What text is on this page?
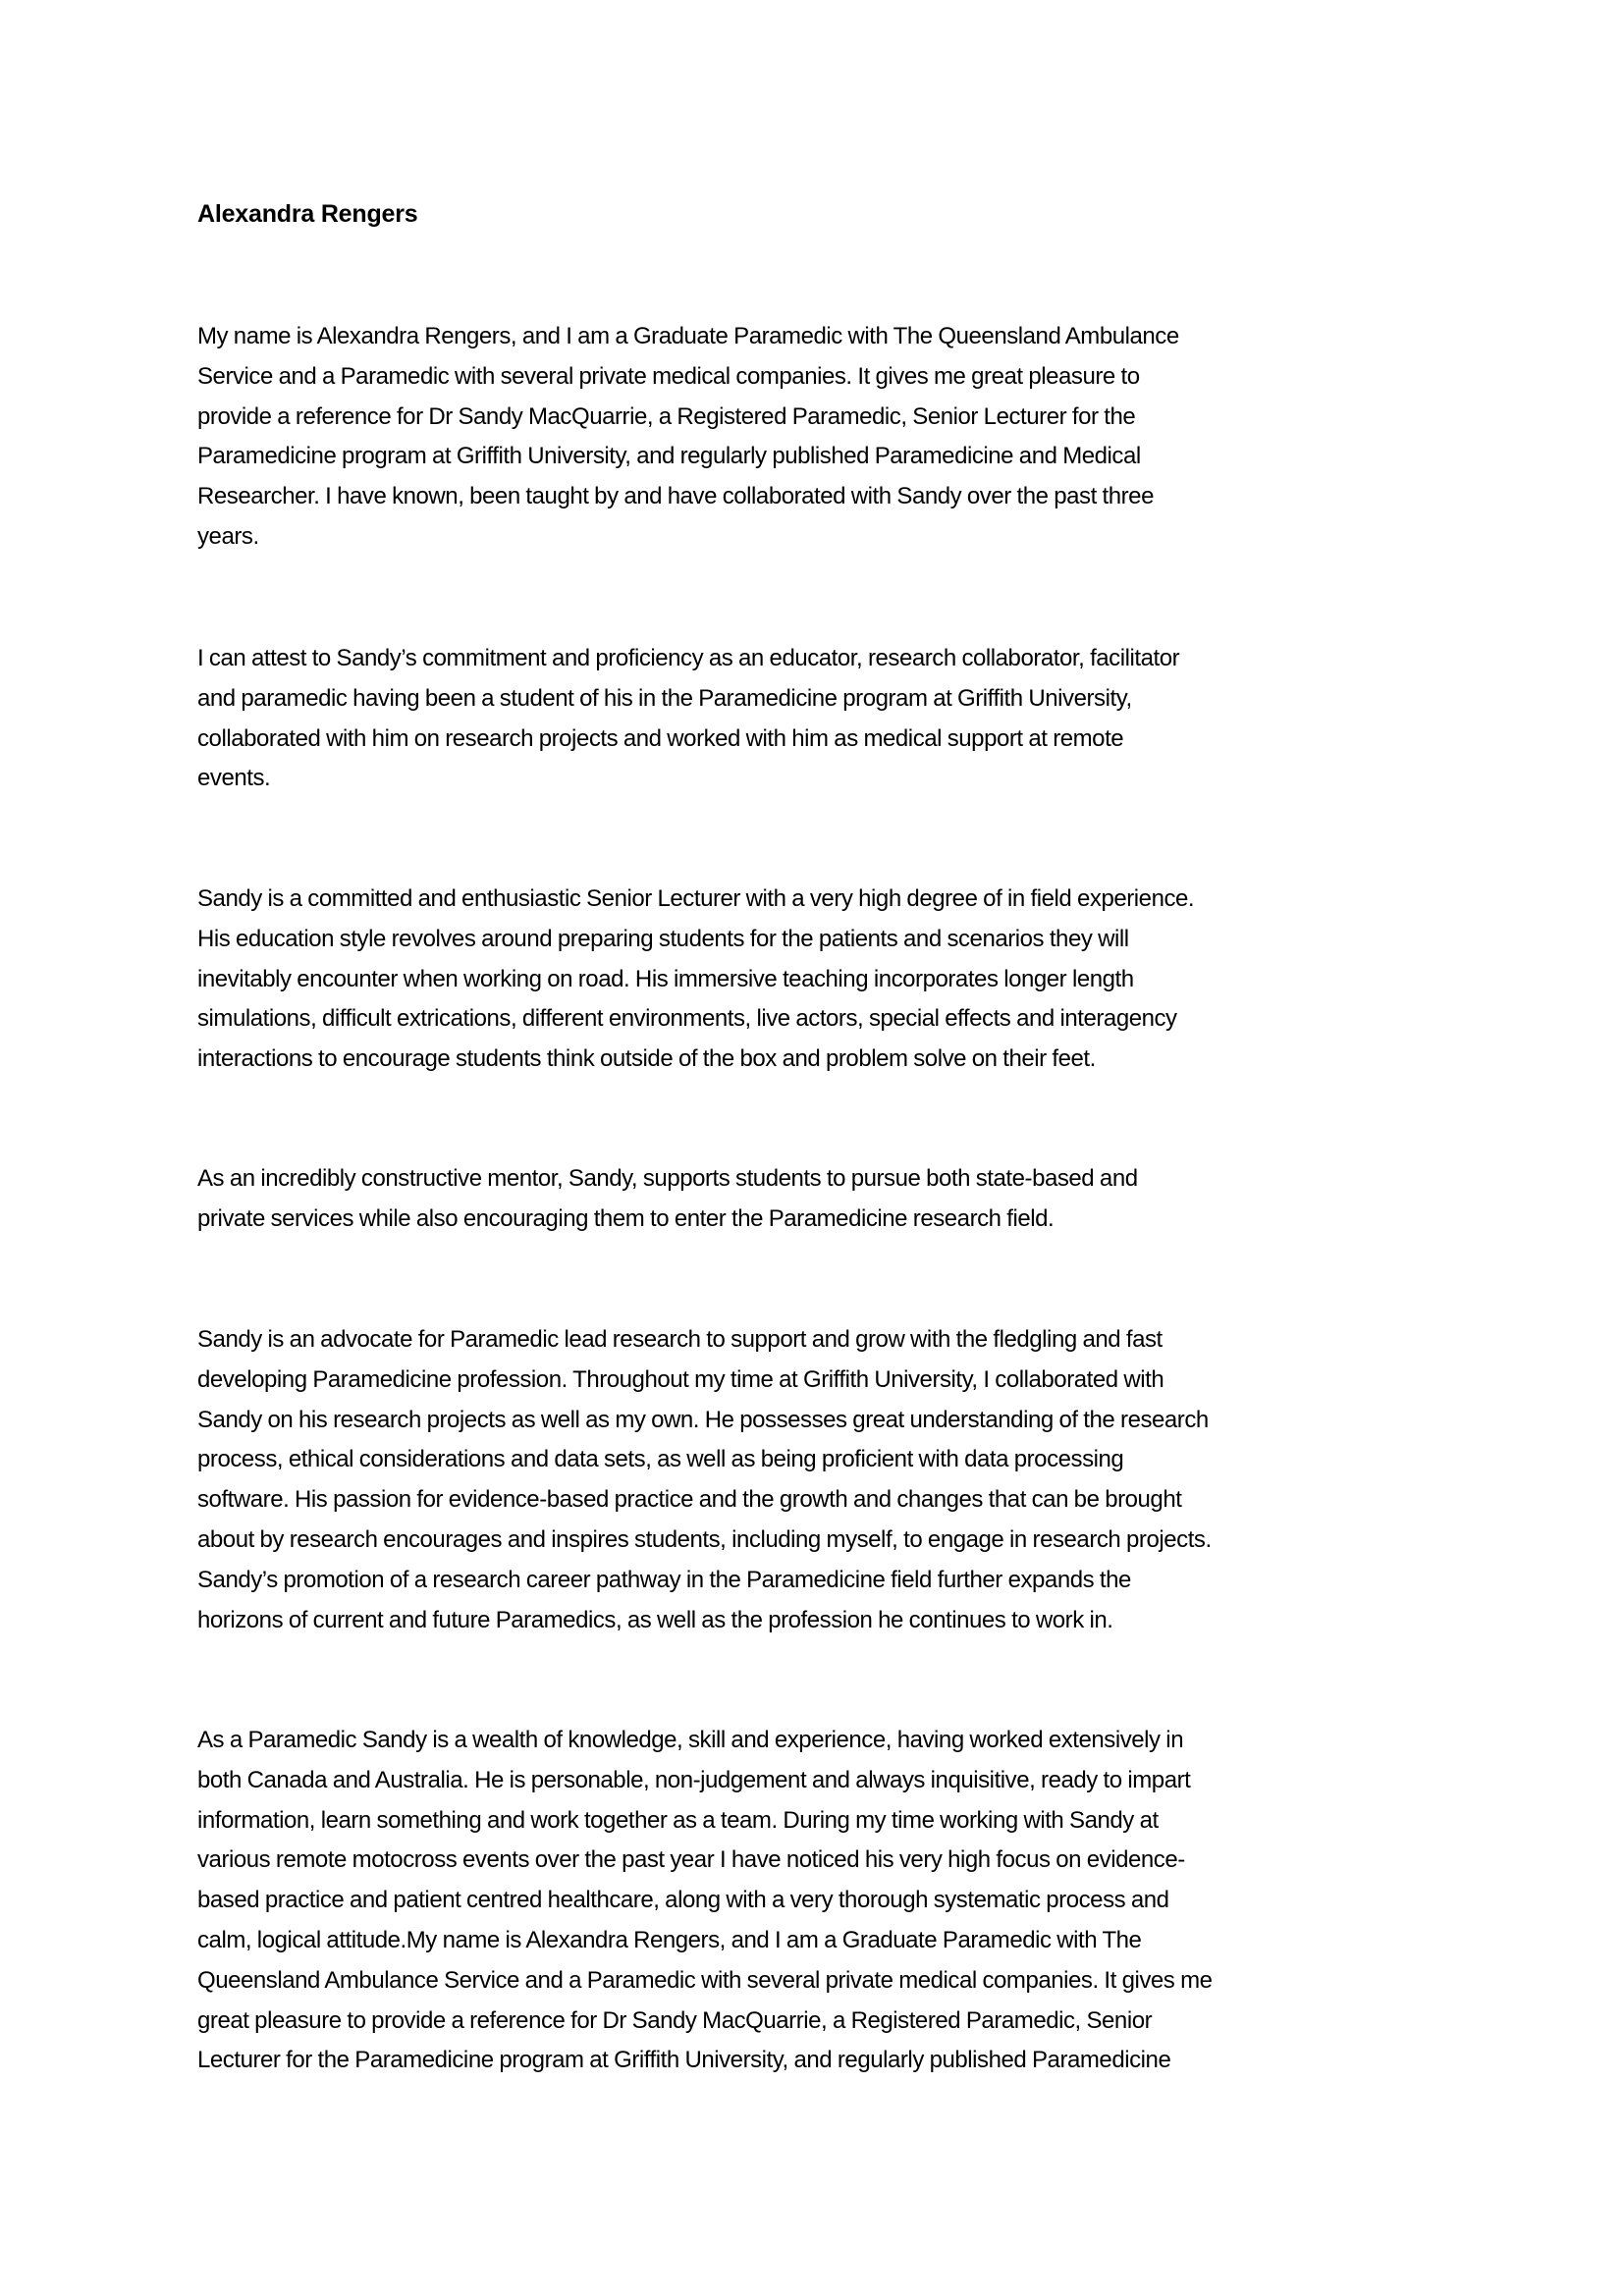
Alexandra Rengers

My name is Alexandra Rengers, and I am a Graduate Paramedic with The Queensland Ambulance
Service and a Paramedic with several private medical companies. It gives me great pleasure to
provide a reference for Dr Sandy MacQuarrie, a Registered Paramedic, Senior Lecturer for the
Paramedicine program at Griffith University, and regularly published Paramedicine and Medical
Researcher. I have known, been taught by and have collaborated with Sandy over the past three
years.

I can attest to Sandy’s commitment and proficiency as an educator, research collaborator, facilitator
and paramedic having been a student of his in the Paramedicine program at Griffith University,
collaborated with him on research projects and worked with him as medical support at remote
events.

Sandy is a committed and enthusiastic Senior Lecturer with a very high degree of in field experience.
His education style revolves around preparing students for the patients and scenarios they will
inevitably encounter when working on road. His immersive teaching incorporates longer length
simulations, difficult extrications, different environments, live actors, special effects and interagency
interactions to encourage students think outside of the box and problem solve on their feet.

As an incredibly constructive mentor, Sandy, supports students to pursue both state-based and
private services while also encouraging them to enter the Paramedicine research field.

Sandy is an advocate for Paramedic lead research to support and grow with the fledgling and fast
developing Paramedicine profession. Throughout my time at Griffith University, I collaborated with
Sandy on his research projects as well as my own. He possesses great understanding of the research
process, ethical considerations and data sets, as well as being proficient with data processing
software. His passion for evidence-based practice and the growth and changes that can be brought
about by research encourages and inspires students, including myself, to engage in research projects.
Sandy’s promotion of a research career pathway in the Paramedicine field further expands the
horizons of current and future Paramedics, as well as the profession he continues to work in.

As a Paramedic Sandy is a wealth of knowledge, skill and experience, having worked extensively in
both Canada and Australia. He is personable, non-judgement and always inquisitive, ready to impart
information, learn something and work together as a team. During my time working with Sandy at
various remote motocross events over the past year I have noticed his very high focus on evidence-
based practice and patient centred healthcare, along with a very thorough systematic process and
calm, logical attitude.My name is Alexandra Rengers, and I am a Graduate Paramedic with The
Queensland Ambulance Service and a Paramedic with several private medical companies. It gives me
great pleasure to provide a reference for Dr Sandy MacQuarrie, a Registered Paramedic, Senior
Lecturer for the Paramedicine program at Griffith University, and regularly published Paramedicine
